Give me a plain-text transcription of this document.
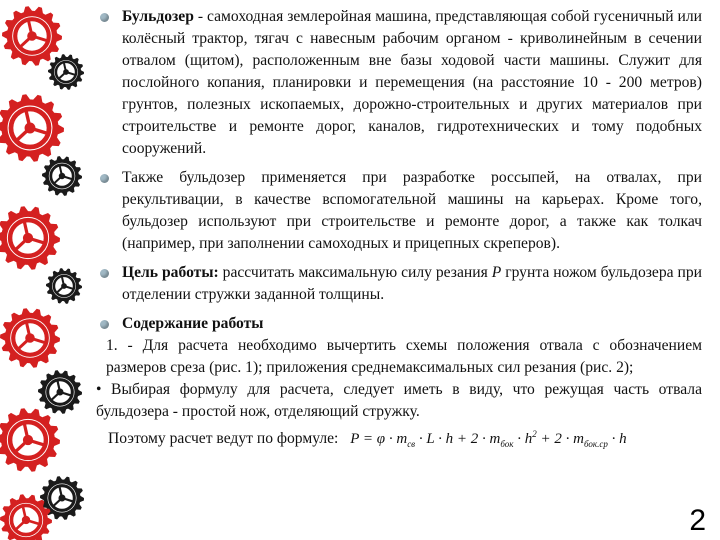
Бульдозер - самоходная землеройная машина, представляющая собой гусеничный или колёсный трактор, тягач с навесным рабочим органом - криволинейным в сечении отвалом (щитом), расположенным вне базы ходовой части машины. Служит для послойного копания, планировки и перемещения (на расстояние 10 - 200 метров) грунтов, полезных ископаемых, дорожно-строительных и других материалов при строительстве и ремонте дорог, каналов, гидротехнических и тому подобных сооружений.

Также бульдозер применяется при разработке россыпей, на отвалах, при рекультивации, в качестве вспомогательной машины на карьерах. Кроме того, бульдозер используют при строительстве и ремонте дорог, а также как толкач (например, при заполнении самоходных и прицепных скреперов).

Цель работы: рассчитать максимальную силу резания P грунта ножом бульдозера при отделении стружки заданной толщины.

Содержание работы

1. - Для расчета необходимо вычертить схемы положения отвала с обозначением размеров среза (рис. 1); приложения среднемаксимальных сил резания (рис. 2);

• Выбирая формулу для расчета, следует иметь в виду, что режущая часть отвала бульдозера - простой нож, отделяющий стружку.

Поэтому расчет ведут по формуле: $P = \varphi \cdot m_{св} \cdot L \cdot h + 2 \cdot m_{бок} \cdot h^2 + 2 \cdot m_{бок.ср} \cdot h$

2
